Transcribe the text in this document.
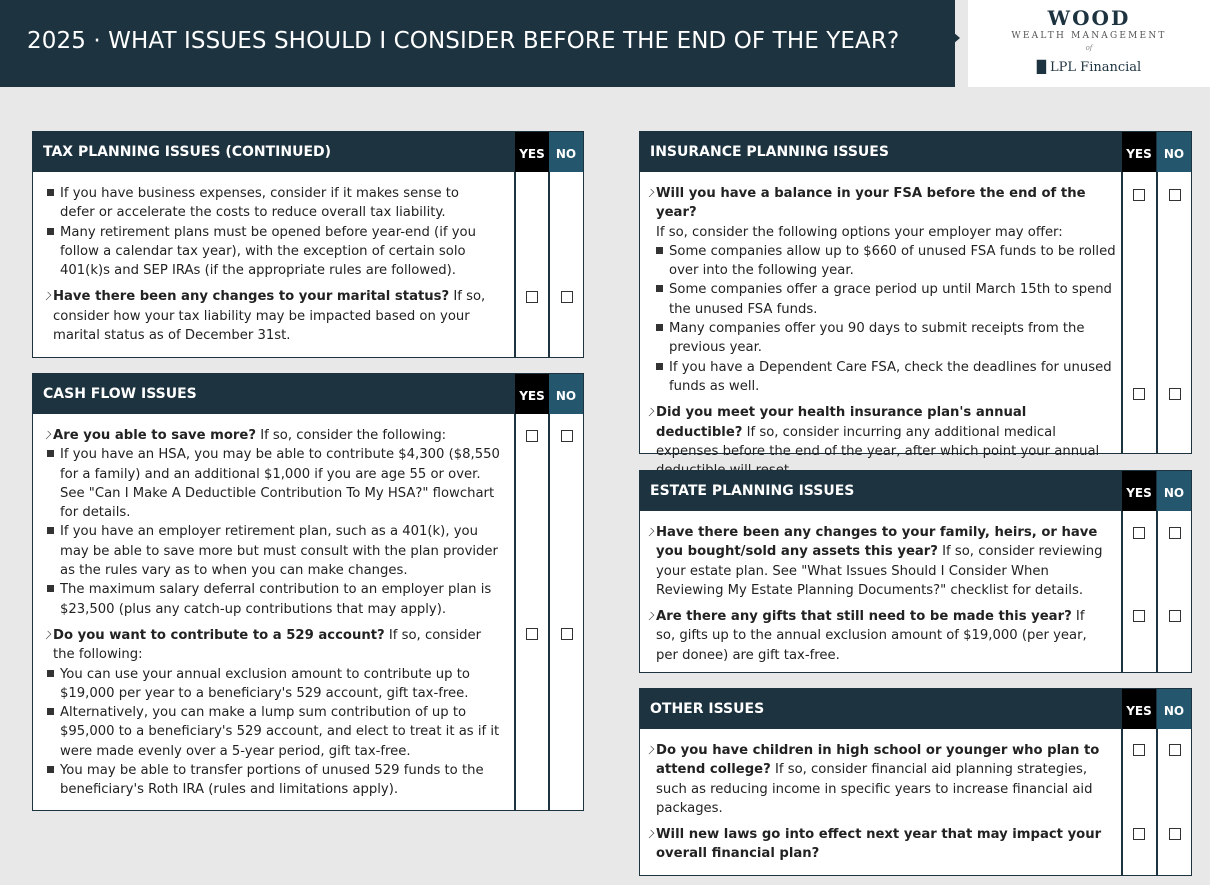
2025 · WHAT ISSUES SHOULD I CONSIDER BEFORE THE END OF THE YEAR?
WOOD
WEALTH MANAGEMENT
of
█ LPL Financial
TAX PLANNING ISSUES (CONTINUED)	YES NO
If you have business expenses, consider if it makes sense to defer or accelerate the costs to reduce overall tax liability.
Many retirement plans must be opened before year-end (if you follow a calendar tax year), with the exception of certain solo 401(k)s and SEP IRAs (if the appropriate rules are followed).
Have there been any changes to your marital status? If so, consider how your tax liability may be impacted based on your marital status as of December 31st.
CASH FLOW ISSUES	YES NO
Are you able to save more? If so, consider the following:
If you have an HSA, you may be able to contribute $4,300 ($8,550 for a family) and an additional $1,000 if you are age 55 or over. See "Can I Make A Deductible Contribution To My HSA?" flowchart for details.
If you have an employer retirement plan, such as a 401(k), you may be able to save more but must consult with the plan provider as the rules vary as to when you can make changes.
The maximum salary deferral contribution to an employer plan is $23,500 (plus any catch-up contributions that may apply).
Do you want to contribute to a 529 account? If so, consider the following:
You can use your annual exclusion amount to contribute up to $19,000 per year to a beneficiary's 529 account, gift tax-free.
Alternatively, you can make a lump sum contribution of up to $95,000 to a beneficiary's 529 account, and elect to treat it as if it were made evenly over a 5-year period, gift tax-free.
You may be able to transfer portions of unused 529 funds to the beneficiary's Roth IRA (rules and limitations apply).
INSURANCE PLANNING ISSUES	YES	NO
Will you have a balance in your FSA before the end of the year?
If so, consider the following options your employer may offer:
Some companies allow up to $660 of unused FSA funds to be rolled over into the following year.
Some companies offer a grace period up until March 15th to spend the unused FSA funds.
Many companies offer you 90 days to submit receipts from the previous year.
If you have a Dependent Care FSA, check the deadlines for unused funds as well.
Did you meet your health insurance plan's annual deductible? If so, consider incurring any additional medical expenses before the end of the year, after which point your annual
ESTATE PLANNING ISSUES	YES	NO
Have there been any changes to your family, heirs, or have you bought/sold any assets this year? If so, consider reviewing your estate plan. See "What Issues Should I Consider When Reviewing My Estate Planning Documents?" checklist for details.
Are there any gifts that still need to be made this year? If so, gifts up to the annual exclusion amount of $19,000 (per year, per donee) are gift tax-free.
OTHER ISSUES	YES	NO
Do you have children in high school or younger who plan to attend college? If so, consider financial aid planning strategies, such as reducing income in specific years to increase financial aid packages.
Will new laws go into effect next year that may impact your overall financial plan?
